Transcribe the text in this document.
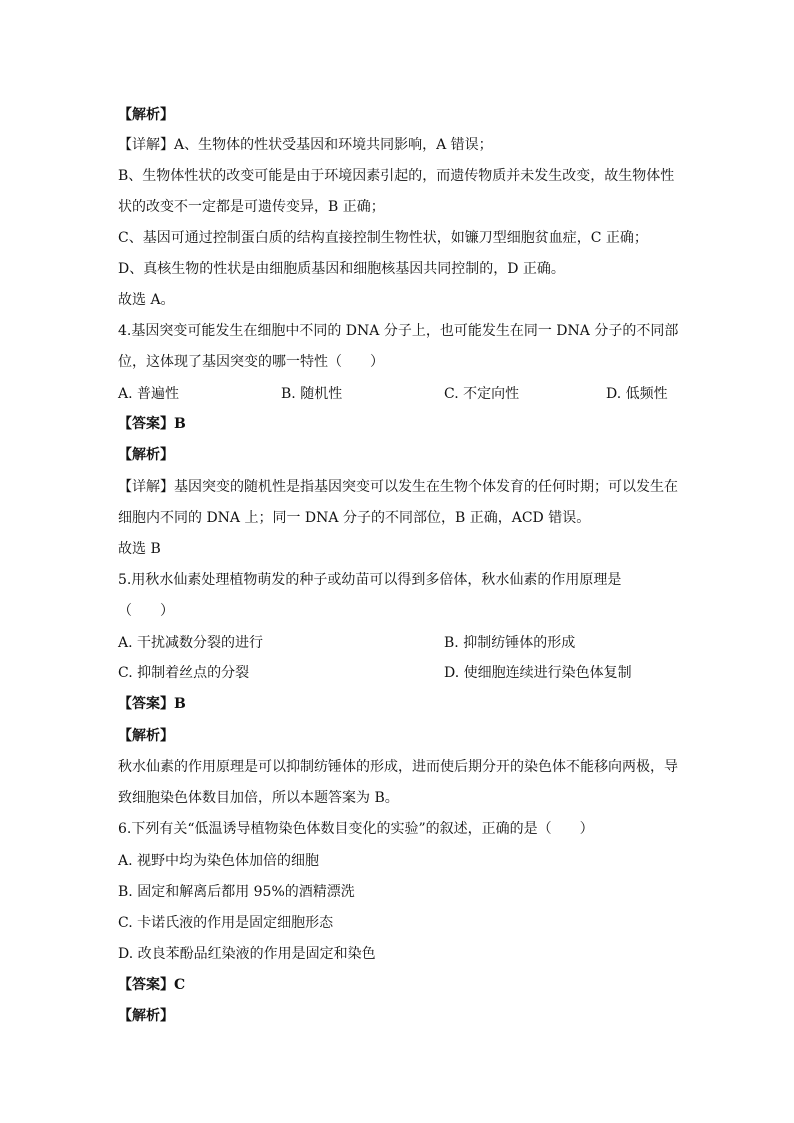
【解析】
【详解】A、生物体的性状受基因和环境共同影响，A 错误；
B、生物体性状的改变可能是由于环境因素引起的，而遗传物质并未发生改变，故生物体性
状的改变不一定都是可遗传变异，B 正确；
C、基因可通过控制蛋白质的结构直接控制生物性状，如镰刀型细胞贫血症，C 正确；
D、真核生物的性状是由细胞质基因和细胞核基因共同控制的，D 正确。
故选 A。
4.基因突变可能发生在细胞中不同的 DNA 分子上，也可能发生在同一 DNA 分子的不同部
位，这体现了基因突变的哪一特性（　　）
A. 普遍性	B. 随机性	C. 不定向性	D. 低频性
【答案】B
【解析】
【详解】基因突变的随机性是指基因突变可以发生在生物个体发育的任何时期；可以发生在
细胞内不同的 DNA 上；同一 DNA 分子的不同部位，B 正确，ACD 错误。
故选 B
5.用秋水仙素处理植物萌发的种子或幼苗可以得到多倍体，秋水仙素的作用原理是
（　　）
A. 干扰减数分裂的进行	B. 抑制纺锤体的形成
C. 抑制着丝点的分裂	D. 使细胞连续进行染色体复制
【答案】B
【解析】
秋水仙素的作用原理是可以抑制纺锤体的形成，进而使后期分开的染色体不能移向两极，导
致细胞染色体数目加倍，所以本题答案为 B。
6.下列有关“低温诱导植物染色体数目变化的实验”的叙述，正确的是（　　）
A. 视野中均为染色体加倍的细胞
B. 固定和解离后都用 95%的酒精漂洗
C. 卡诺氏液的作用是固定细胞形态
D. 改良苯酚品红染液的作用是固定和染色
【答案】C
【解析】
